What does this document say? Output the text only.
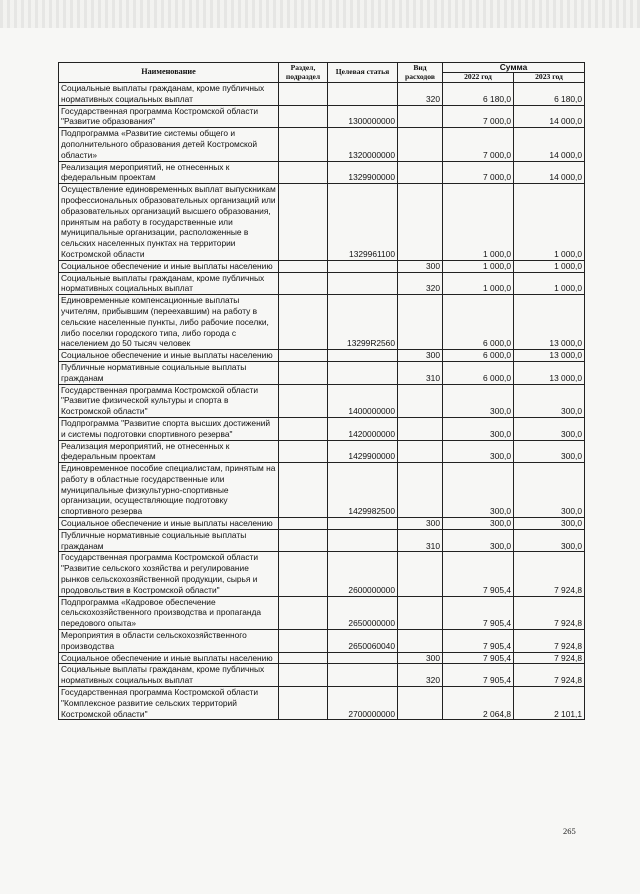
Наименование	Раздел, подраздел	Целевая статья	Вид расходов	Сумма	
				2022 год	2023 год
Социальные выплаты гражданам, кроме публичных нормативных социальных выплат			320	6 180,0	6 180,0
Государственная программа Костромской области "Развитие образования"		1300000000		7 000,0	14 000,0
Подпрограмма «Развитие системы общего и дополнительного образования детей Костромской области»		1320000000		7 000,0	14 000,0
Реализация мероприятий, не отнесенных к федеральным проектам		1329900000		7 000,0	14 000,0
Осуществление единовременных выплат выпускникам профессиональных образовательных организаций или образовательных организаций высшего образования, принятым на работу в государственные или муниципальные организации, расположенные в сельских населенных пунктах на территории Костромской области		1329961100		1 000,0	1 000,0
Социальное обеспечение и иные выплаты населению			300	1 000,0	1 000,0
Социальные выплаты гражданам, кроме публичных нормативных социальных выплат			320	1 000,0	1 000,0
Единовременные компенсационные выплаты учителям, прибывшим (переехавшим) на работу в сельские населенные пункты, либо рабочие поселки, либо поселки городского типа, либо города с населением до 50 тысяч человек		13299R2560		6 000,0	13 000,0
Социальное обеспечение и иные выплаты населению			300	6 000,0	13 000,0
Публичные нормативные социальные выплаты гражданам			310	6 000,0	13 000,0
Государственная программа Костромской области "Развитие физической культуры и спорта в Костромской области"		1400000000		300,0	300,0
Подпрограмма "Развитие спорта высших достижений и системы подготовки спортивного резерва"		1420000000		300,0	300,0
Реализация мероприятий, не отнесенных к федеральным проектам		1429900000		300,0	300,0
Единовременное пособие специалистам, принятым на работу в областные государственные или муниципальные физкультурно-спортивные организации, осуществляющие подготовку спортивного резерва		1429982500		300,0	300,0
Социальное обеспечение и иные выплаты населению			300	300,0	300,0
Публичные нормативные социальные выплаты гражданам			310	300,0	300,0
Государственная программа Костромской области "Развитие сельского хозяйства и регулирование рынков сельскохозяйственной продукции, сырья и продовольствия в Костромской области"		2600000000		7 905,4	7 924,8
Подпрограмма «Кадровое обеспечение сельскохозяйственного производства и пропаганда передового опыта»		2650000000		7 905,4	7 924,8
Мероприятия в области сельскохозяйственного производства		2650060040		7 905,4	7 924,8
Социальное обеспечение и иные выплаты населению			300	7 905,4	7 924,8
Социальные выплаты гражданам, кроме публичных нормативных социальных выплат			320	7 905,4	7 924,8
Государственная программа Костромской области "Комплексное развитие сельских территорий Костромской области"		2700000000		2 064,8	2 101,1
265
